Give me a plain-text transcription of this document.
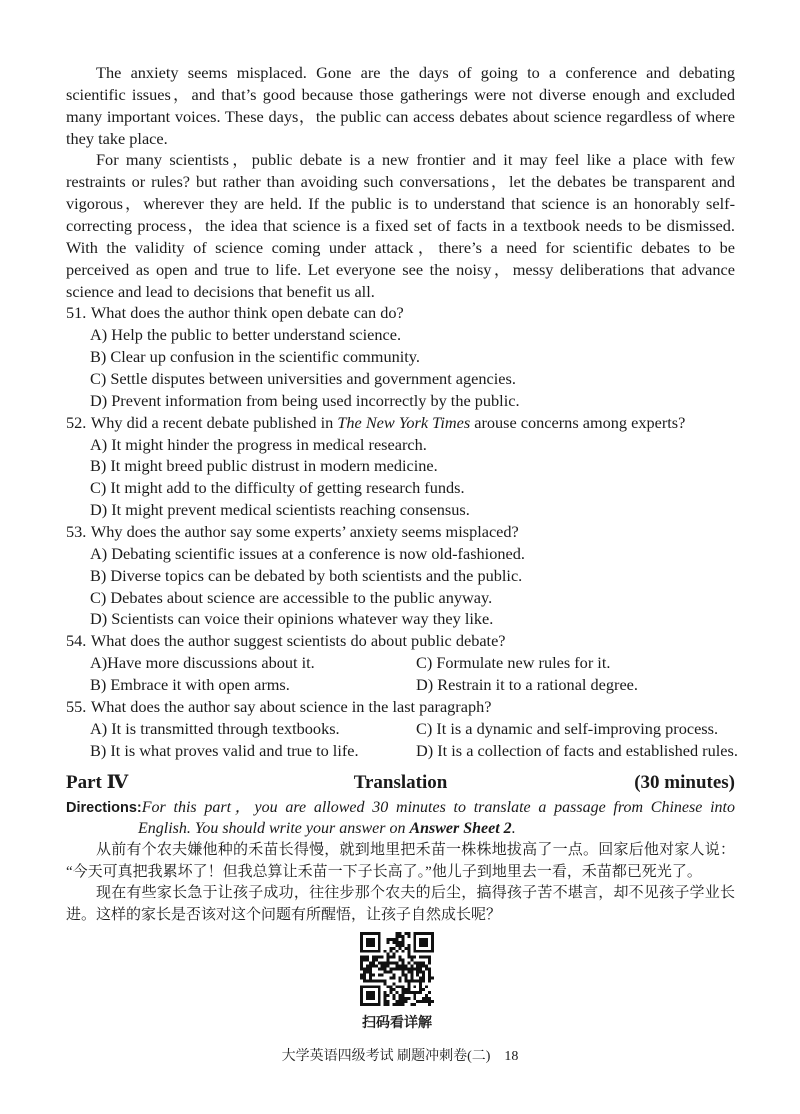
The anxiety seems misplaced. Gone are the days of going to a conference and debating
scientific issues，and that’s good because those gatherings were not diverse enough and excluded
many important voices. These days，the public can access debates about science regardless of where
they take place.
For many scientists，public debate is a new frontier and it may feel like a place with few
restraints or rules? but rather than avoiding such conversations，let the debates be transparent and
vigorous，wherever they are held. If the public is to understand that science is an honorably self-
correcting process，the idea that science is a fixed set of facts in a textbook needs to be dismissed.
With the validity of science coming under attack，there’s a need for scientific debates to be
perceived as open and true to life. Let everyone see the noisy，messy deliberations that advance
science and lead to decisions that benefit us all.
51. What does the author think open debate can do?
A) Help the public to better understand science.
B) Clear up confusion in the scientific community.
C) Settle disputes between universities and government agencies.
D) Prevent information from being used incorrectly by the public.
52. Why did a recent debate published in The New York Times arouse concerns among experts?
A) It might hinder the progress in medical research.
B) It might breed public distrust in modern medicine.
C) It might add to the difficulty of getting research funds.
D) It might prevent medical scientists reaching consensus.
53. Why does the author say some experts’ anxiety seems misplaced?
A) Debating scientific issues at a conference is now old-fashioned.
B) Diverse topics can be debated by both scientists and the public.
C) Debates about science are accessible to the public anyway.
D) Scientists can voice their opinions whatever way they like.
54. What does the author suggest scientists do about public debate?
A)Have more discussions about it.	C) Formulate new rules for it.
B) Embrace it with open arms.	D) Restrain it to a rational degree.
55. What does the author say about science in the last paragraph?
A) It is transmitted through textbooks.	C) It is a dynamic and self-improving process.
B) It is what proves valid and true to life.	D) It is a collection of facts and established rules.
Part Ⅳ	Translation	(30 minutes)
Directions:For this part，you are allowed 30 minutes to translate a passage from Chinese into
English. You should write your answer on Answer Sheet 2.
从前有个农夫嫌他种的禾苗长得慢，就到地里把禾苗一株株地拔高了一点。回家后他对家人说：
“今天可真把我累坏了！但我总算让禾苗一下子长高了。”他儿子到地里去一看，禾苗都已死光了。
现在有些家长急于让孩子成功，往往步那个农夫的后尘，搞得孩子苦不堪言，却不见孩子学业长
进。这样的家长是否该对这个问题有所醒悟，让孩子自然成长呢？
扫码看详解
大学英语四级考试 刷题冲刺卷(二) 18
